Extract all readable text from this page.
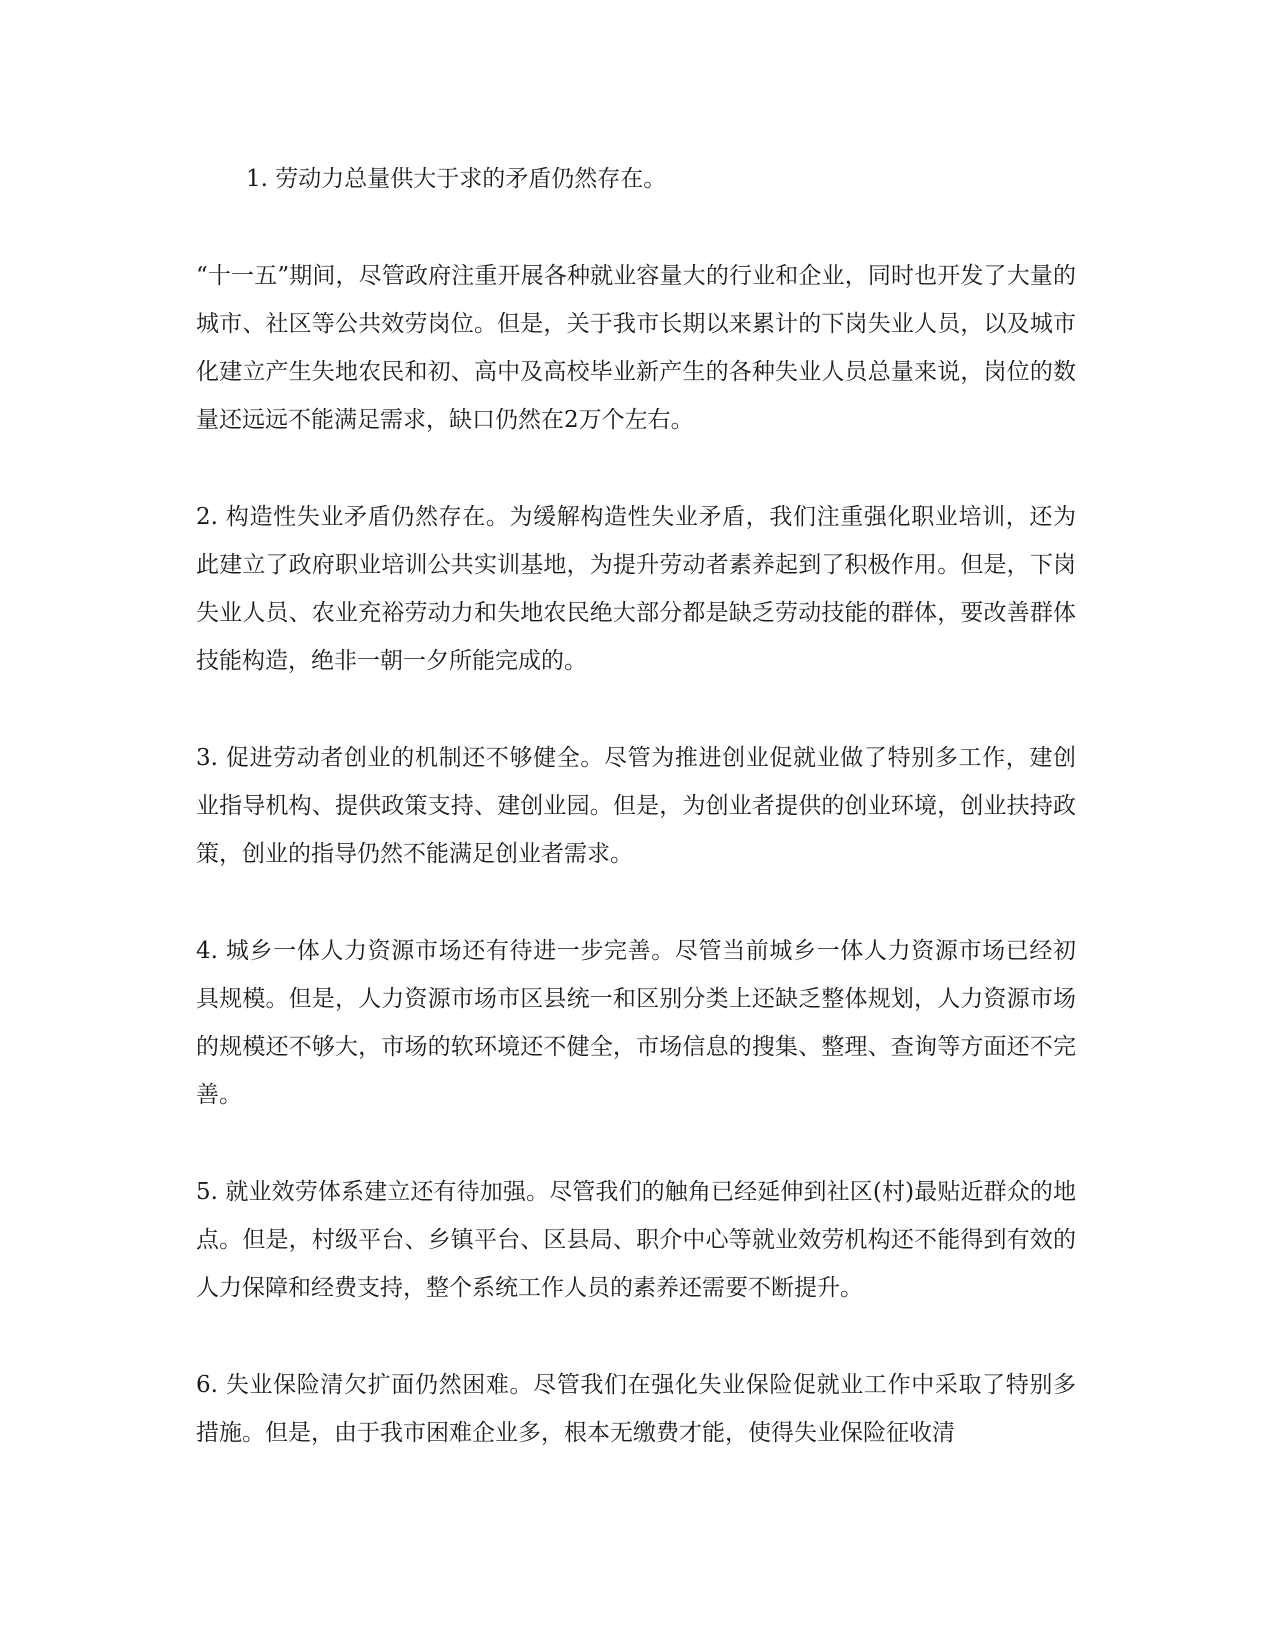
1. 劳动力总量供大于求的矛盾仍然存在。

“十一五”期间，尽管政府注重开展各种就业容量大的行业和企业，同时也开发了大量的城市、社区等公共效劳岗位。但是，关于我市长期以来累计的下岗失业人员，以及城市化建立产生失地农民和初、高中及高校毕业新产生的各种失业人员总量来说，岗位的数量还远远不能满足需求，缺口仍然在2万个左右。

2. 构造性失业矛盾仍然存在。为缓解构造性失业矛盾，我们注重强化职业培训，还为此建立了政府职业培训公共实训基地，为提升劳动者素养起到了积极作用。但是，下岗失业人员、农业充裕劳动力和失地农民绝大部分都是缺乏劳动技能的群体，要改善群体技能构造，绝非一朝一夕所能完成的。

3. 促进劳动者创业的机制还不够健全。尽管为推进创业促就业做了特别多工作，建创业指导机构、提供政策支持、建创业园。但是，为创业者提供的创业环境，创业扶持政策，创业的指导仍然不能满足创业者需求。

4. 城乡一体人力资源市场还有待进一步完善。尽管当前城乡一体人力资源市场已经初具规模。但是，人力资源市场市区县统一和区别分类上还缺乏整体规划，人力资源市场的规模还不够大，市场的软环境还不健全，市场信息的搜集、整理、查询等方面还不完善。

5. 就业效劳体系建立还有待加强。尽管我们的触角已经延伸到社区(村)最贴近群众的地点。但是，村级平台、乡镇平台、区县局、职介中心等就业效劳机构还不能得到有效的人力保障和经费支持，整个系统工作人员的素养还需要不断提升。

6. 失业保险清欠扩面仍然困难。尽管我们在强化失业保险促就业工作中采取了特别多措施。但是，由于我市困难企业多，根本无缴费才能，使得失业保险征收清
